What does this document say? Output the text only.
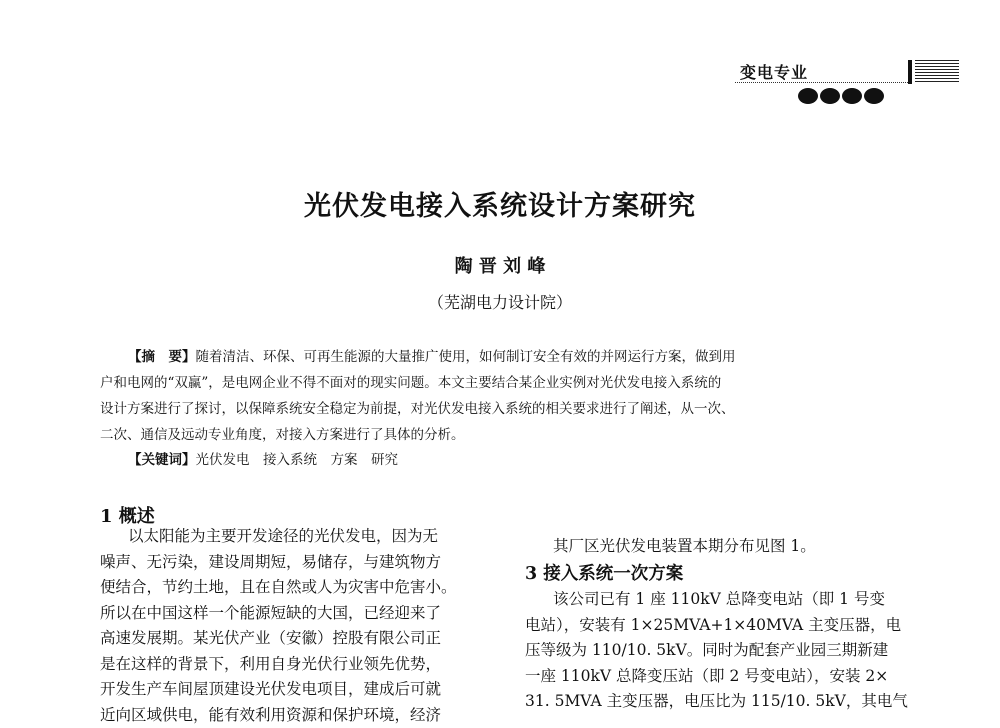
变电专业
光伏发电接入系统设计方案研究
陶 晋 刘 峰
（芜湖电力设计院）
【摘　要】随着清洁、环保、可再生能源的大量推广使用，如何制订安全有效的并网运行方案，做到用
户和电网的“双赢”，是电网企业不得不面对的现实问题。本文主要结合某企业实例对光伏发电接入系统的
设计方案进行了探讨，以保障系统安全稳定为前提，对光伏发电接入系统的相关要求进行了阐述，从一次、
二次、通信及远动专业角度，对接入方案进行了具体的分析。
【关键词】光伏发电　接入系统　方案　研究
1 概述
以太阳能为主要开发途径的光伏发电，因为无
噪声、无污染，建设周期短，易储存，与建筑物方
便结合，节约土地，且在自然或人为灾害中危害小。
所以在中国这样一个能源短缺的大国，已经迎来了
高速发展期。某光伏产业（安徽）控股有限公司正
是在这样的背景下，利用自身光伏行业领先优势，
开发生产车间屋顶建设光伏发电项目，建成后可就
近向区域供电，能有效利用资源和保护环境，经济
其厂区光伏发电装置本期分布见图 1。
3 接入系统一次方案
该公司已有 1 座 110kV 总降变电站（即 1 号变
电站），安装有 1×25MVA+1×40MVA 主变压器，电
压等级为 110/10. 5kV。同时为配套产业园三期新建
一座 110kV 总降变压站（即 2 号变电站），安装 2×
31. 5MVA 主变压器，电压比为 115/10. 5kV，其电气
